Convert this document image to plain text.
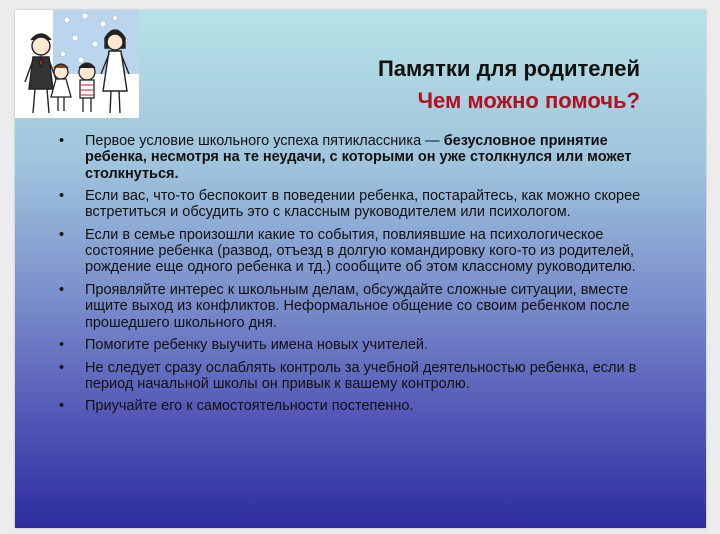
Памятки для родителей
Чем можно помочь?
• Первое условие школьного успеха пятиклассника — безусловное принятие ребенка, несмотря на те неудачи, с которыми он уже столкнулся или может столкнуться.
• Если вас, что-то беспокоит в поведении ребенка, постарайтесь, как можно скорее встретиться и обсудить это с классным руководителем или психологом.
• Если в семье произошли какие то события, повлиявшие на психологическое состояние ребенка (развод, отъезд в долгую командировку кого-то из родителей, рождение еще одного ребенка и тд.) сообщите об этом классному руководителю.
• Проявляйте интерес к школьным делам, обсуждайте сложные ситуации, вместе ищите выход из конфликтов. Неформальное общение со своим ребенком после прошедшего школьного дня.
• Помогите ребенку выучить имена новых учителей.
• Не следует сразу ослаблять контроль за учебной деятельностью ребенка, если в период начальной школы он привык к вашему контролю.
• Приучайте его к самостоятельности постепенно.
